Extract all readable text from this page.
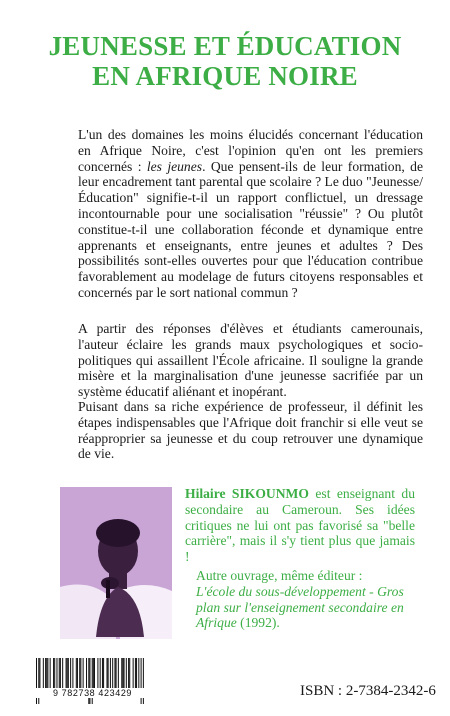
JEUNESSE ET ÉDUCATION
EN AFRIQUE NOIRE

L'un des domaines les moins élucidés concernant l'éducation en Afrique Noire, c'est l'opinion qu'en ont les premiers concernés : les jeunes. Que pensent-ils de leur formation, de leur encadrement tant parental que scolaire ? Le duo "Jeunesse/Éducation" signifie-t-il un rapport conflictuel, un dressage incontournable pour une socialisation "réussie" ? Ou plutôt constitue-t-il une collaboration féconde et dynamique entre apprenants et enseignants, entre jeunes et adultes ? Des possibilités sont-elles ouvertes pour que l'éducation contribue favorablement au modelage de futurs citoyens responsables et concernés par le sort national commun ?

A partir des réponses d'élèves et étudiants camerounais, l'auteur éclaire les grands maux psychologiques et socio-politiques qui assaillent l'École africaine. Il souligne la grande misère et la marginalisation d'une jeunesse sacrifiée par un système éducatif aliénant et inopérant.

Puisant dans sa riche expérience de professeur, il définit les étapes indispensables que l'Afrique doit franchir si elle veut se réapproprier sa jeunesse et du coup retrouver une dynamique de vie.

Hilaire SIKOUNMO est enseignant du secondaire au Cameroun. Ses idées critiques ne lui ont pas favorisé sa "belle carrière", mais il s'y tient plus que jamais !
Autre ouvrage, même éditeur :
L'école du sous-développement - Gros plan sur l'enseignement secondaire en Afrique (1992).
9 782738 423429	ISBN : 2-7384-2342-6
